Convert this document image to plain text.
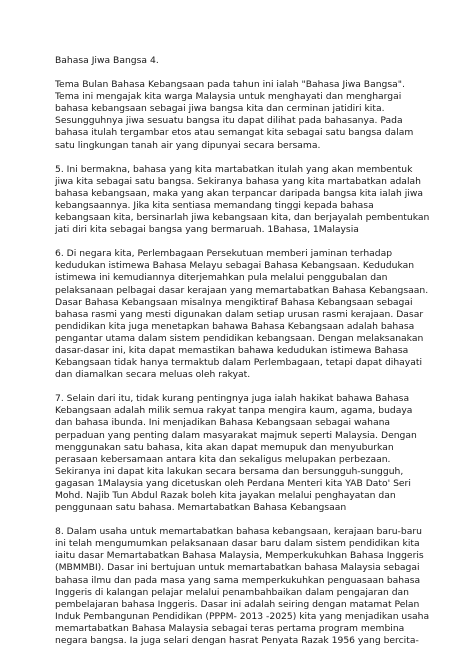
Bahasa Jiwa Bangsa 4.
Tema Bulan Bahasa Kebangsaan pada tahun ini ialah "Bahasa Jiwa Bangsa".
Tema ini mengajak kita warga Malaysia untuk menghayati dan menghargai
bahasa kebangsaan sebagai jiwa bangsa kita dan cerminan jatidiri kita.
Sesungguhnya jiwa sesuatu bangsa itu dapat dilihat pada bahasanya. Pada
bahasa itulah tergambar etos atau semangat kita sebagai satu bangsa dalam
satu lingkungan tanah air yang dipunyai secara bersama.
5. Ini bermakna, bahasa yang kita martabatkan itulah yang akan membentuk
jiwa kita sebagai satu bangsa. Sekiranya bahasa yang kita martabatkan adalah
bahasa kebangsaan, maka yang akan terpancar daripada bangsa kita ialah jiwa
kebangsaannya. Jika kita sentiasa memandang tinggi kepada bahasa
kebangsaan kita, bersinarlah jiwa kebangsaan kita, dan berjayalah pembentukan
jati diri kita sebagai bangsa yang bermaruah. 1Bahasa, 1Malaysia
6. Di negara kita, Perlembagaan Persekutuan memberi jaminan terhadap
kedudukan istimewa Bahasa Melayu sebagai Bahasa Kebangsaan. Kedudukan
istimewa ini kemudiannya diterjemahkan pula melalui penggubalan dan
pelaksanaan pelbagai dasar kerajaan yang memartabatkan Bahasa Kebangsaan.
Dasar Bahasa Kebangsaan misalnya mengiktiraf Bahasa Kebangsaan sebagai
bahasa rasmi yang mesti digunakan dalam setiap urusan rasmi kerajaan. Dasar
pendidikan kita juga menetapkan bahawa Bahasa Kebangsaan adalah bahasa
pengantar utama dalam sistem pendidikan kebangsaan. Dengan melaksanakan
dasar-dasar ini, kita dapat memastikan bahawa kedudukan istimewa Bahasa
Kebangsaan tidak hanya termaktub dalam Perlembagaan, tetapi dapat dihayati
dan diamalkan secara meluas oleh rakyat.
7. Selain dari itu, tidak kurang pentingnya juga ialah hakikat bahawa Bahasa
Kebangsaan adalah milik semua rakyat tanpa mengira kaum, agama, budaya
dan bahasa ibunda. Ini menjadikan Bahasa Kebangsaan sebagai wahana
perpaduan yang penting dalam masyarakat majmuk seperti Malaysia. Dengan
menggunakan satu bahasa, kita akan dapat memupuk dan menyuburkan
perasaan kebersamaan antara kita dan sekaligus melupakan perbezaan.
Sekiranya ini dapat kita lakukan secara bersama dan bersungguh-sungguh,
gagasan 1Malaysia yang dicetuskan oleh Perdana Menteri kita YAB Dato' Seri
Mohd. Najib Tun Abdul Razak boleh kita jayakan melalui penghayatan dan
penggunaan satu bahasa. Memartabatkan Bahasa Kebangsaan
8. Dalam usaha untuk memartabatkan bahasa kebangsaan, kerajaan baru-baru
ini telah mengumumkan pelaksanaan dasar baru dalam sistem pendidikan kita
iaitu dasar Memartabatkan Bahasa Malaysia, Memperkukuhkan Bahasa Inggeris
(MBMMBI). Dasar ini bertujuan untuk memartabatkan bahasa Malaysia sebagai
bahasa ilmu dan pada masa yang sama memperkukuhkan penguasaan bahasa
Inggeris di kalangan pelajar melalui penambahbaikan dalam pengajaran dan
pembelajaran bahasa Inggeris. Dasar ini adalah seiring dengan matamat Pelan
Induk Pembangunan Pendidikan (PPPM- 2013 -2025) kita yang menjadikan usaha
memartabatkan Bahasa Malaysia sebagai teras pertama program membina
negara bangsa. Ia juga selari dengan hasrat Penyata Razak 1956 yang bercita-
